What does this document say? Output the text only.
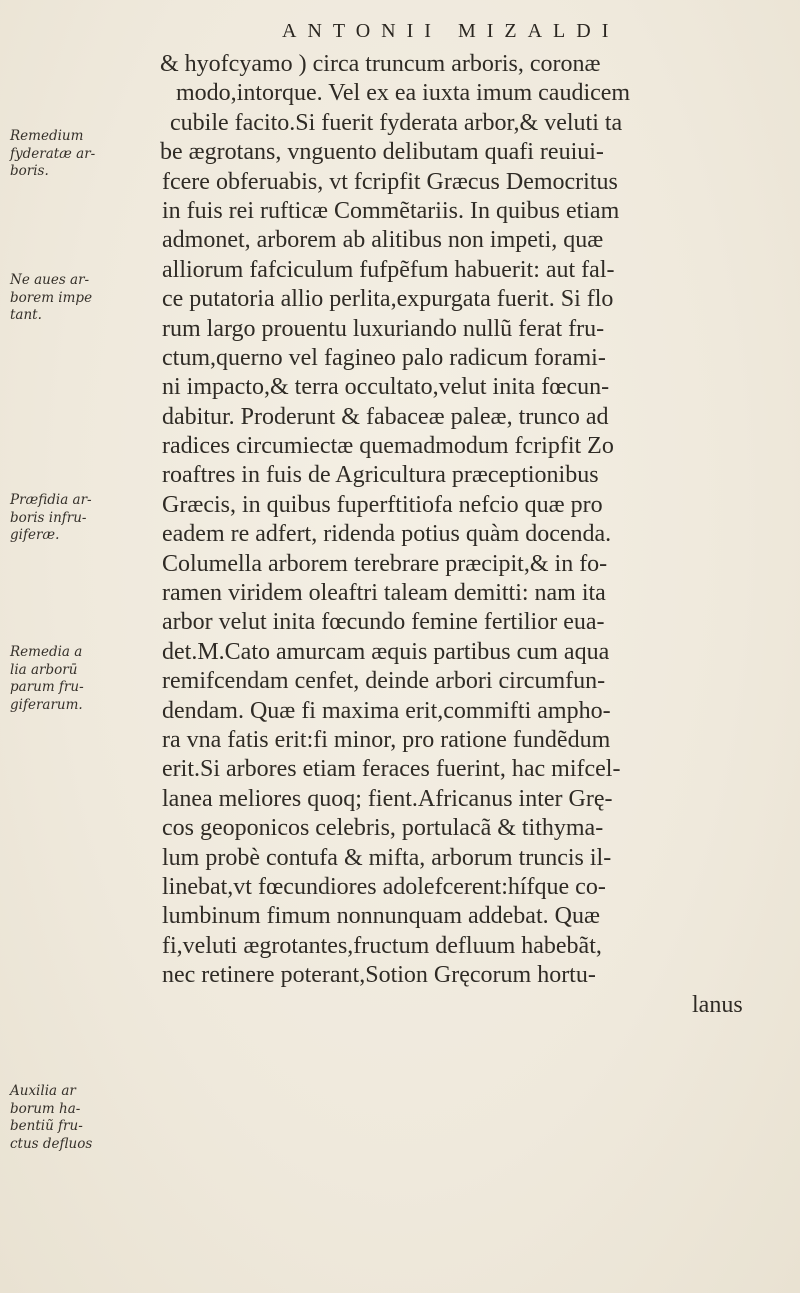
ANTONII MIZALDI
Remedium
fyderatæ ar-
boris.
Ne aues ar-
borem impe
tant.
Præfidia ar-
boris infru-
giferæ.
Remedia a
lia arborū
parum fru-
giferarum.
Auxilia ar
borum ha-
bentiũ fru-
ctus defluos
& hyofcyamo ) circa truncum arboris, coronæ
modo,intorque. Vel ex ea iuxta imum caudicem
cubile facito.Si fuerit fyderata arbor,& veluti ta
be ægrotans, vnguento delibutam quafi reuiui-
fcere obferuabis, vt fcripfit Græcus Democritus
in fuis rei rufticæ Commẽtariis. In quibus etiam
admonet, arborem ab alitibus non impeti, quæ
alliorum fafciculum fufpẽfum habuerit: aut fal-
ce putatoria allio perlita,expurgata fuerit. Si flo
rum largo prouentu luxuriando nullũ ferat fru-
ctum,querno vel fagineo palo radicum forami-
ni impacto,& terra occultato,velut inita fœcun-
dabitur. Proderunt & fabaceæ paleæ, trunco ad
radices circumiectæ quemadmodum fcripfit Zo
roaftres in fuis de Agricultura præceptionibus
Græcis, in quibus fuperftitiofa nefcio quæ pro
eadem re adfert, ridenda potius quàm docenda.
Columella arborem terebrare præcipit,& in fo-
ramen viridem oleaftri taleam demitti: nam ita
arbor velut inita fœcundo femine fertilior eua-
det.M.Cato amurcam æquis partibus cum aqua
remifcendam cenfet, deinde arbori circumfun-
dendam. Quæ fi maxima erit,commifti ampho-
ra vna fatis erit:fi minor, pro ratione fundẽdum
erit.Si arbores etiam feraces fuerint, hac mifcel-
lanea meliores quoq; fient.Africanus inter Grę-
cos geoponicos celebris, portulacã & tithyma-
lum probè contufa & mifta, arborum truncis il-
linebat,vt fœcundiores adolefcerent:hífque co-
lumbinum fimum nonnunquam addebat. Quæ
fi,veluti ægrotantes,fructum defluum habebãt,
nec retinere poterant,Sotion Gręcorum hortu-
lanus
